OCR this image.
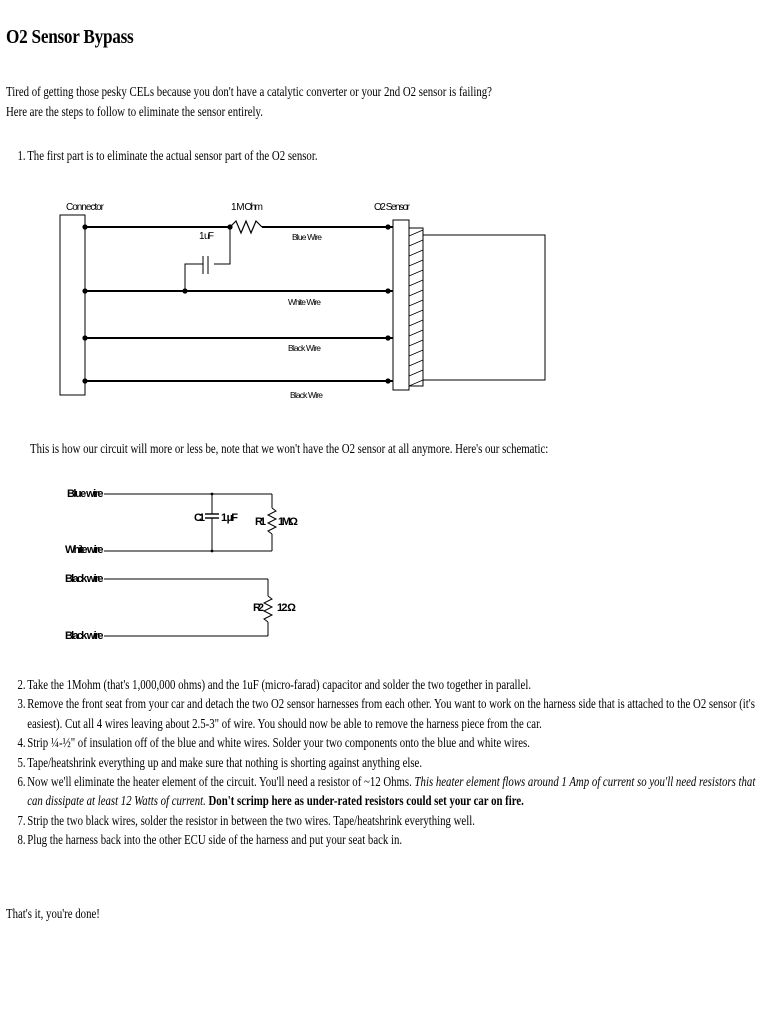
O2 Sensor Bypass
Tired of getting those pesky CELs because you don't have a catalytic converter or your 2nd O2 sensor is failing?
Here are the steps to follow to eliminate the sensor entirely.
1. The first part is to eliminate the actual sensor part of the O2 sensor.
Connector	1 M Ohm	O2 Sensor
1 uF	Blue Wire
White Wire
Black Wire
Black Wire
This is how our circuit will more or less be, note that we won't have the O2 sensor at all anymore. Here's our schematic:
Blue wire
White wire
Black wire
Black wire
C1 1 µF R1 1M Ω
R2 12 Ω
2. Take the 1Mohm (that's 1,000,000 ohms) and the 1uF (micro-farad) capacitor and solder the two together in parallel.
3. Remove the front seat from your car and detach the two O2 sensor harnesses from each other. You want to work on the harness side that is attached to the O2 sensor (it's easiest). Cut all 4 wires leaving about 2.5-3" of wire. You should now be able to remove the harness piece from the car.
4. Strip ¼-½" of insulation off of the blue and white wires. Solder your two components onto the blue and white wires.
5. Tape/heatshrink everything up and make sure that nothing is shorting against anything else.
6. Now we'll eliminate the heater element of the circuit. You'll need a resistor of ~12 Ohms. This heater element flows around 1 Amp of current so you'll need resistors that can dissipate at least 12 Watts of current. Don't scrimp here as under-rated resistors could set your car on fire.
7. Strip the two black wires, solder the resistor in between the two wires. Tape/heatshrink everything well.
8. Plug the harness back into the other ECU side of the harness and put your seat back in.
That's it, you're done!
